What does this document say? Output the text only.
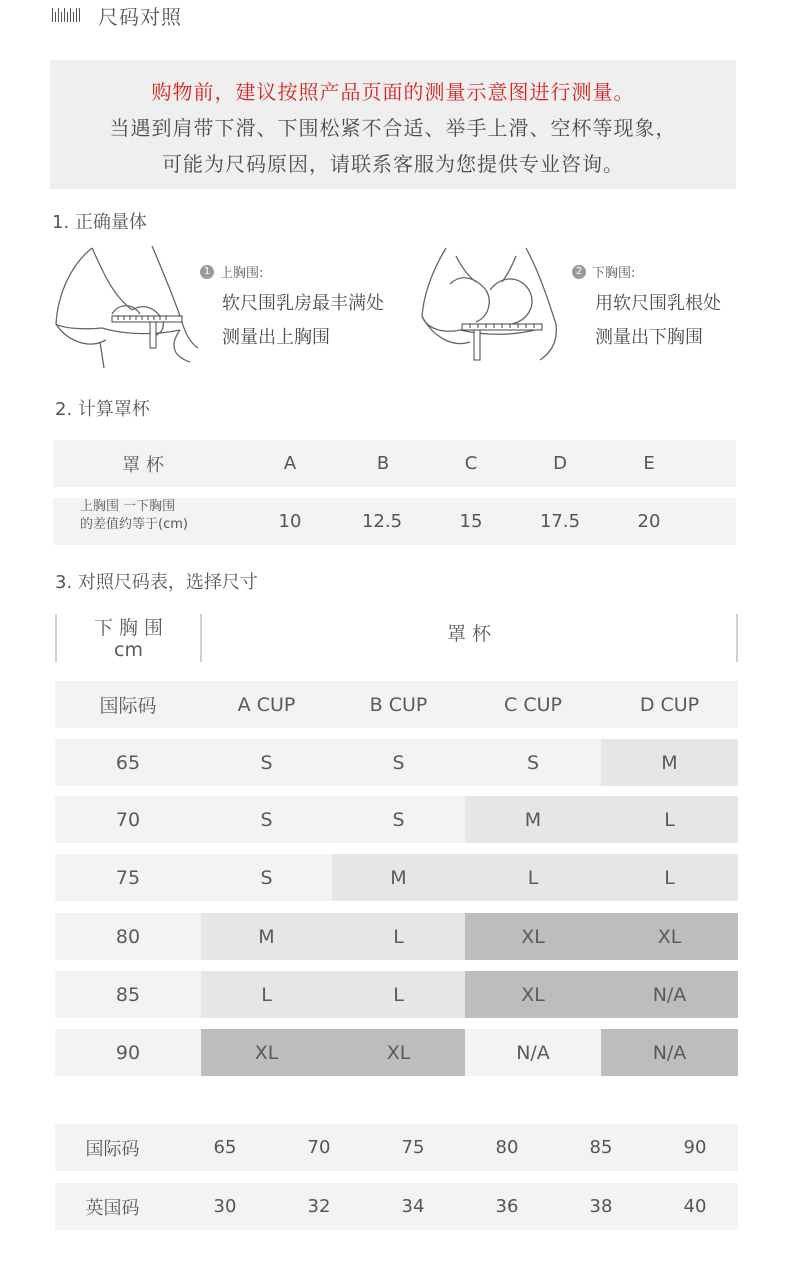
尺码对照

购物前，建议按照产品页面的测量示意图进行测量。

当遇到肩带下滑、下围松紧不合适、举手上滑、空杯等现象，

可能为尺码原因，请联系客服为您提供专业咨询。

1. 正确量体
1 上胸围:
软尺围乳房最丰满处
测量出上胸围
2 下胸围:
用软尺围乳根处
测量出下胸围
2. 计算罩杯
罩 杯	A	B	C	D	E
上胸围 一下胸围
的差值约等于(cm)	10	12.5	15	17.5	20
3. 对照尺码表，选择尺寸
下 胸 围
cm
罩 杯
国际码	A CUP	B CUP	C CUP	D CUP
65	S	S	S	M
70	S	S	M	L
75	S	M	L	L
80	M	L	XL	XL
85	L	L	XL	N/A
90	XL	XL	N/A	N/A
国际码	65	70	75	80	85	90
英国码	30	32	34	36	38	40
